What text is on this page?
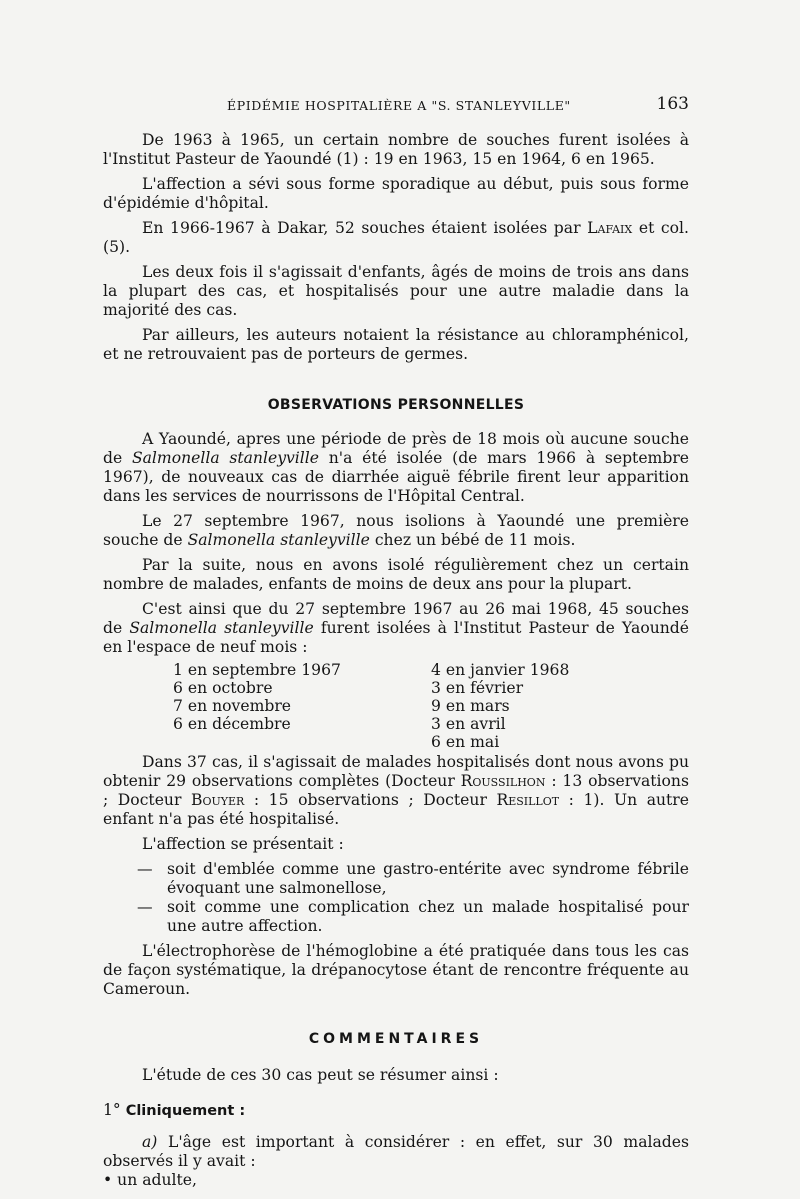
ÉPIDÉMIE HOSPITALIÈRE A "S. STANLEYVILLE"	163

De 1963 à 1965, un certain nombre de souches furent isolées à l'Institut Pasteur de Yaoundé (1) : 19 en 1963, 15 en 1964, 6 en 1965.

L'affection a sévi sous forme sporadique au début, puis sous forme d'épidémie d'hôpital.

En 1966-1967 à Dakar, 52 souches étaient isolées par Lafaix et col. (5).

Les deux fois il s'agissait d'enfants, âgés de moins de trois ans dans la plupart des cas, et hospitalisés pour une autre maladie dans la majorité des cas.

Par ailleurs, les auteurs notaient la résistance au chloramphénicol, et ne retrouvaient pas de porteurs de germes.

OBSERVATIONS PERSONNELLES

A Yaoundé, apres une période de près de 18 mois où aucune souche de Salmonella stanleyville n'a été isolée (de mars 1966 à septembre 1967), de nouveaux cas de diarrhée aiguë fébrile firent leur apparition dans les services de nourrissons de l'Hôpital Central.

Le 27 septembre 1967, nous isolions à Yaoundé une première souche de Salmonella stanleyville chez un bébé de 11 mois.

Par la suite, nous en avons isolé régulièrement chez un certain nombre de malades, enfants de moins de deux ans pour la plupart.

C'est ainsi que du 27 septembre 1967 au 26 mai 1968, 45 souches de Salmonella stanleyville furent isolées à l'Institut Pasteur de Yaoundé en l'espace de neuf mois :

1 en septembre 1967
6 en octobre
7 en novembre
6 en décembre
4 en janvier 1968
3 en février
9 en mars
3 en avril
6 en mai

Dans 37 cas, il s'agissait de malades hospitalisés dont nous avons pu obtenir 29 observations complètes (Docteur Roussilhon : 13 observations ; Docteur Bouyer : 15 observations ; Docteur Resillot : 1). Un autre enfant n'a pas été hospitalisé.

L'affection se présentait :

— soit d'emblée comme une gastro-entérite avec syndrome fébrile évoquant une salmonellose,
— soit comme une complication chez un malade hospitalisé pour une autre affection.

L'électrophorèse de l'hémoglobine a été pratiquée dans tous les cas de façon systématique, la drépanocytose étant de rencontre fréquente au Cameroun.

COMMENTAIRES

L'étude de ces 30 cas peut se résumer ainsi :

1° Cliniquement :

a) L'âge est important à considérer : en effet, sur 30 malades observés il y avait :

• un adulte,
